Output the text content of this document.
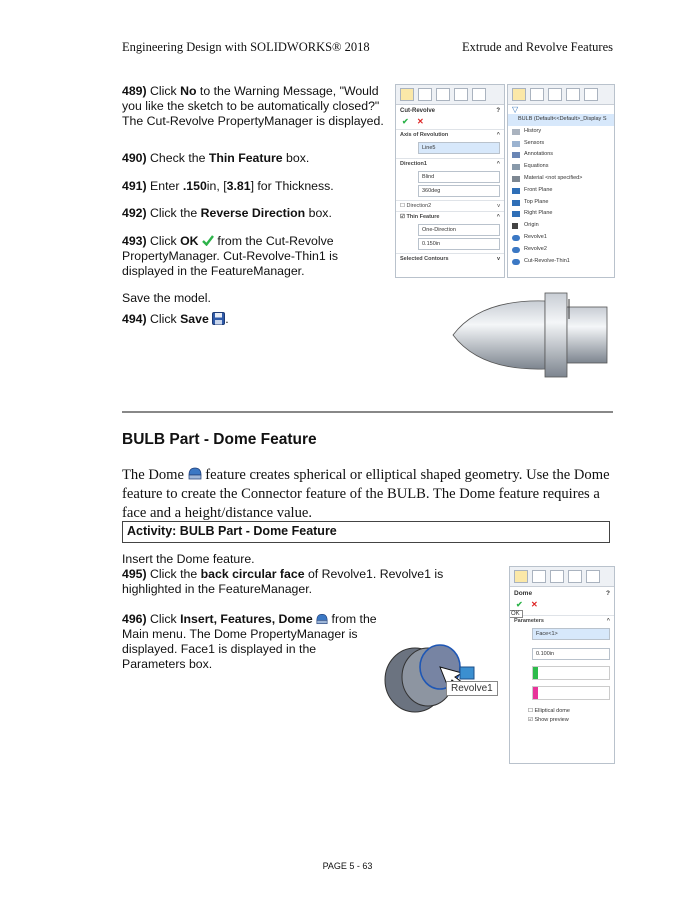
Engineering Design with SOLIDWORKS® 2018	Extrude and Revolve Features
489) Click No to the Warning Message, "Would you like the sketch to be automatically closed?" The Cut-Revolve PropertyManager is displayed.
490) Check the Thin Feature box.
491) Enter .150in, [3.81] for Thickness.
492) Click the Reverse Direction box.
493) Click OK  from the Cut-Revolve PropertyManager. Cut-Revolve-Thin1 is displayed in the FeatureManager.
Save the model.
494) Click Save .
Cut-Revolve	?
✔ ✕
Axis of Revolution	^
Line5
Direction1	^
Blind
360deg
☐ Direction2	v
☑ Thin Feature	^
One-Direction
0.150in
Selected Contours	v
▽
BULB (Default<<Default>_Display S
History
Sensors
Annotations
Equations
Material <not specified>
Front Plane
Top Plane
Right Plane
Origin
Revolve1
Revolve2
Cut-Revolve-Thin1
BULB Part - Dome Feature
The Dome  feature creates spherical or elliptical shaped geometry. Use the Dome feature to create the Connector feature of the BULB. The Dome feature requires a face and a height/distance value.
Activity: BULB Part - Dome Feature
Insert the Dome feature.
495) Click the back circular face of Revolve1. Revolve1 is highlighted in the FeatureManager.
496) Click Insert, Features, Dome  from the Main menu. The Dome PropertyManager is displayed. Face1 is displayed in the Parameters box.
Revolve1
Dome	?
✔ ✕
OK
Parameters	^
Face<1>
0.100in
☐ Elliptical dome
☑ Show preview
PAGE 5 - 63
